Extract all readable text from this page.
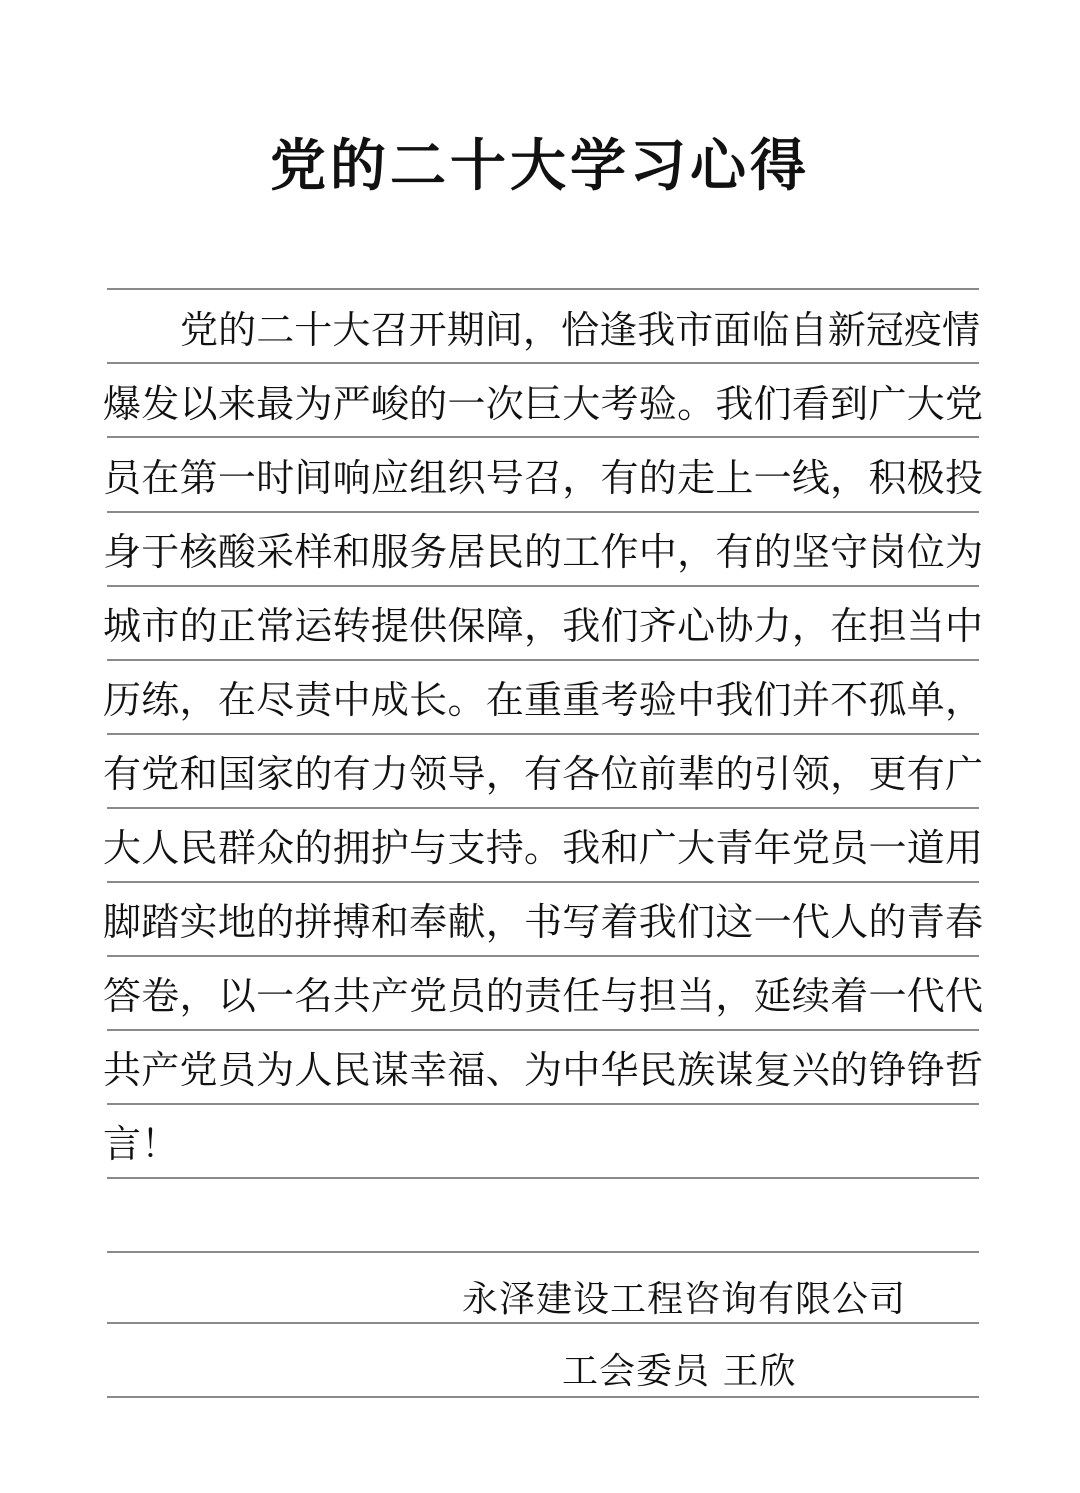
党的二十大学习心得
党的二十大召开期间，恰逢我市面临自新冠疫情
爆发以来最为严峻的一次巨大考验。我们看到广大党
员在第一时间响应组织号召，有的走上一线，积极投
身于核酸采样和服务居民的工作中，有的坚守岗位为
城市的正常运转提供保障，我们齐心协力，在担当中
历练，在尽责中成长。在重重考验中我们并不孤单，
有党和国家的有力领导，有各位前辈的引领，更有广
大人民群众的拥护与支持。我和广大青年党员一道用
脚踏实地的拼搏和奉献，书写着我们这一代人的青春
答卷，以一名共产党员的责任与担当，延续着一代代
共产党员为人民谋幸福、为中华民族谋复兴的铮铮哲
言！
永泽建设工程咨询有限公司
工会委员 王欣
